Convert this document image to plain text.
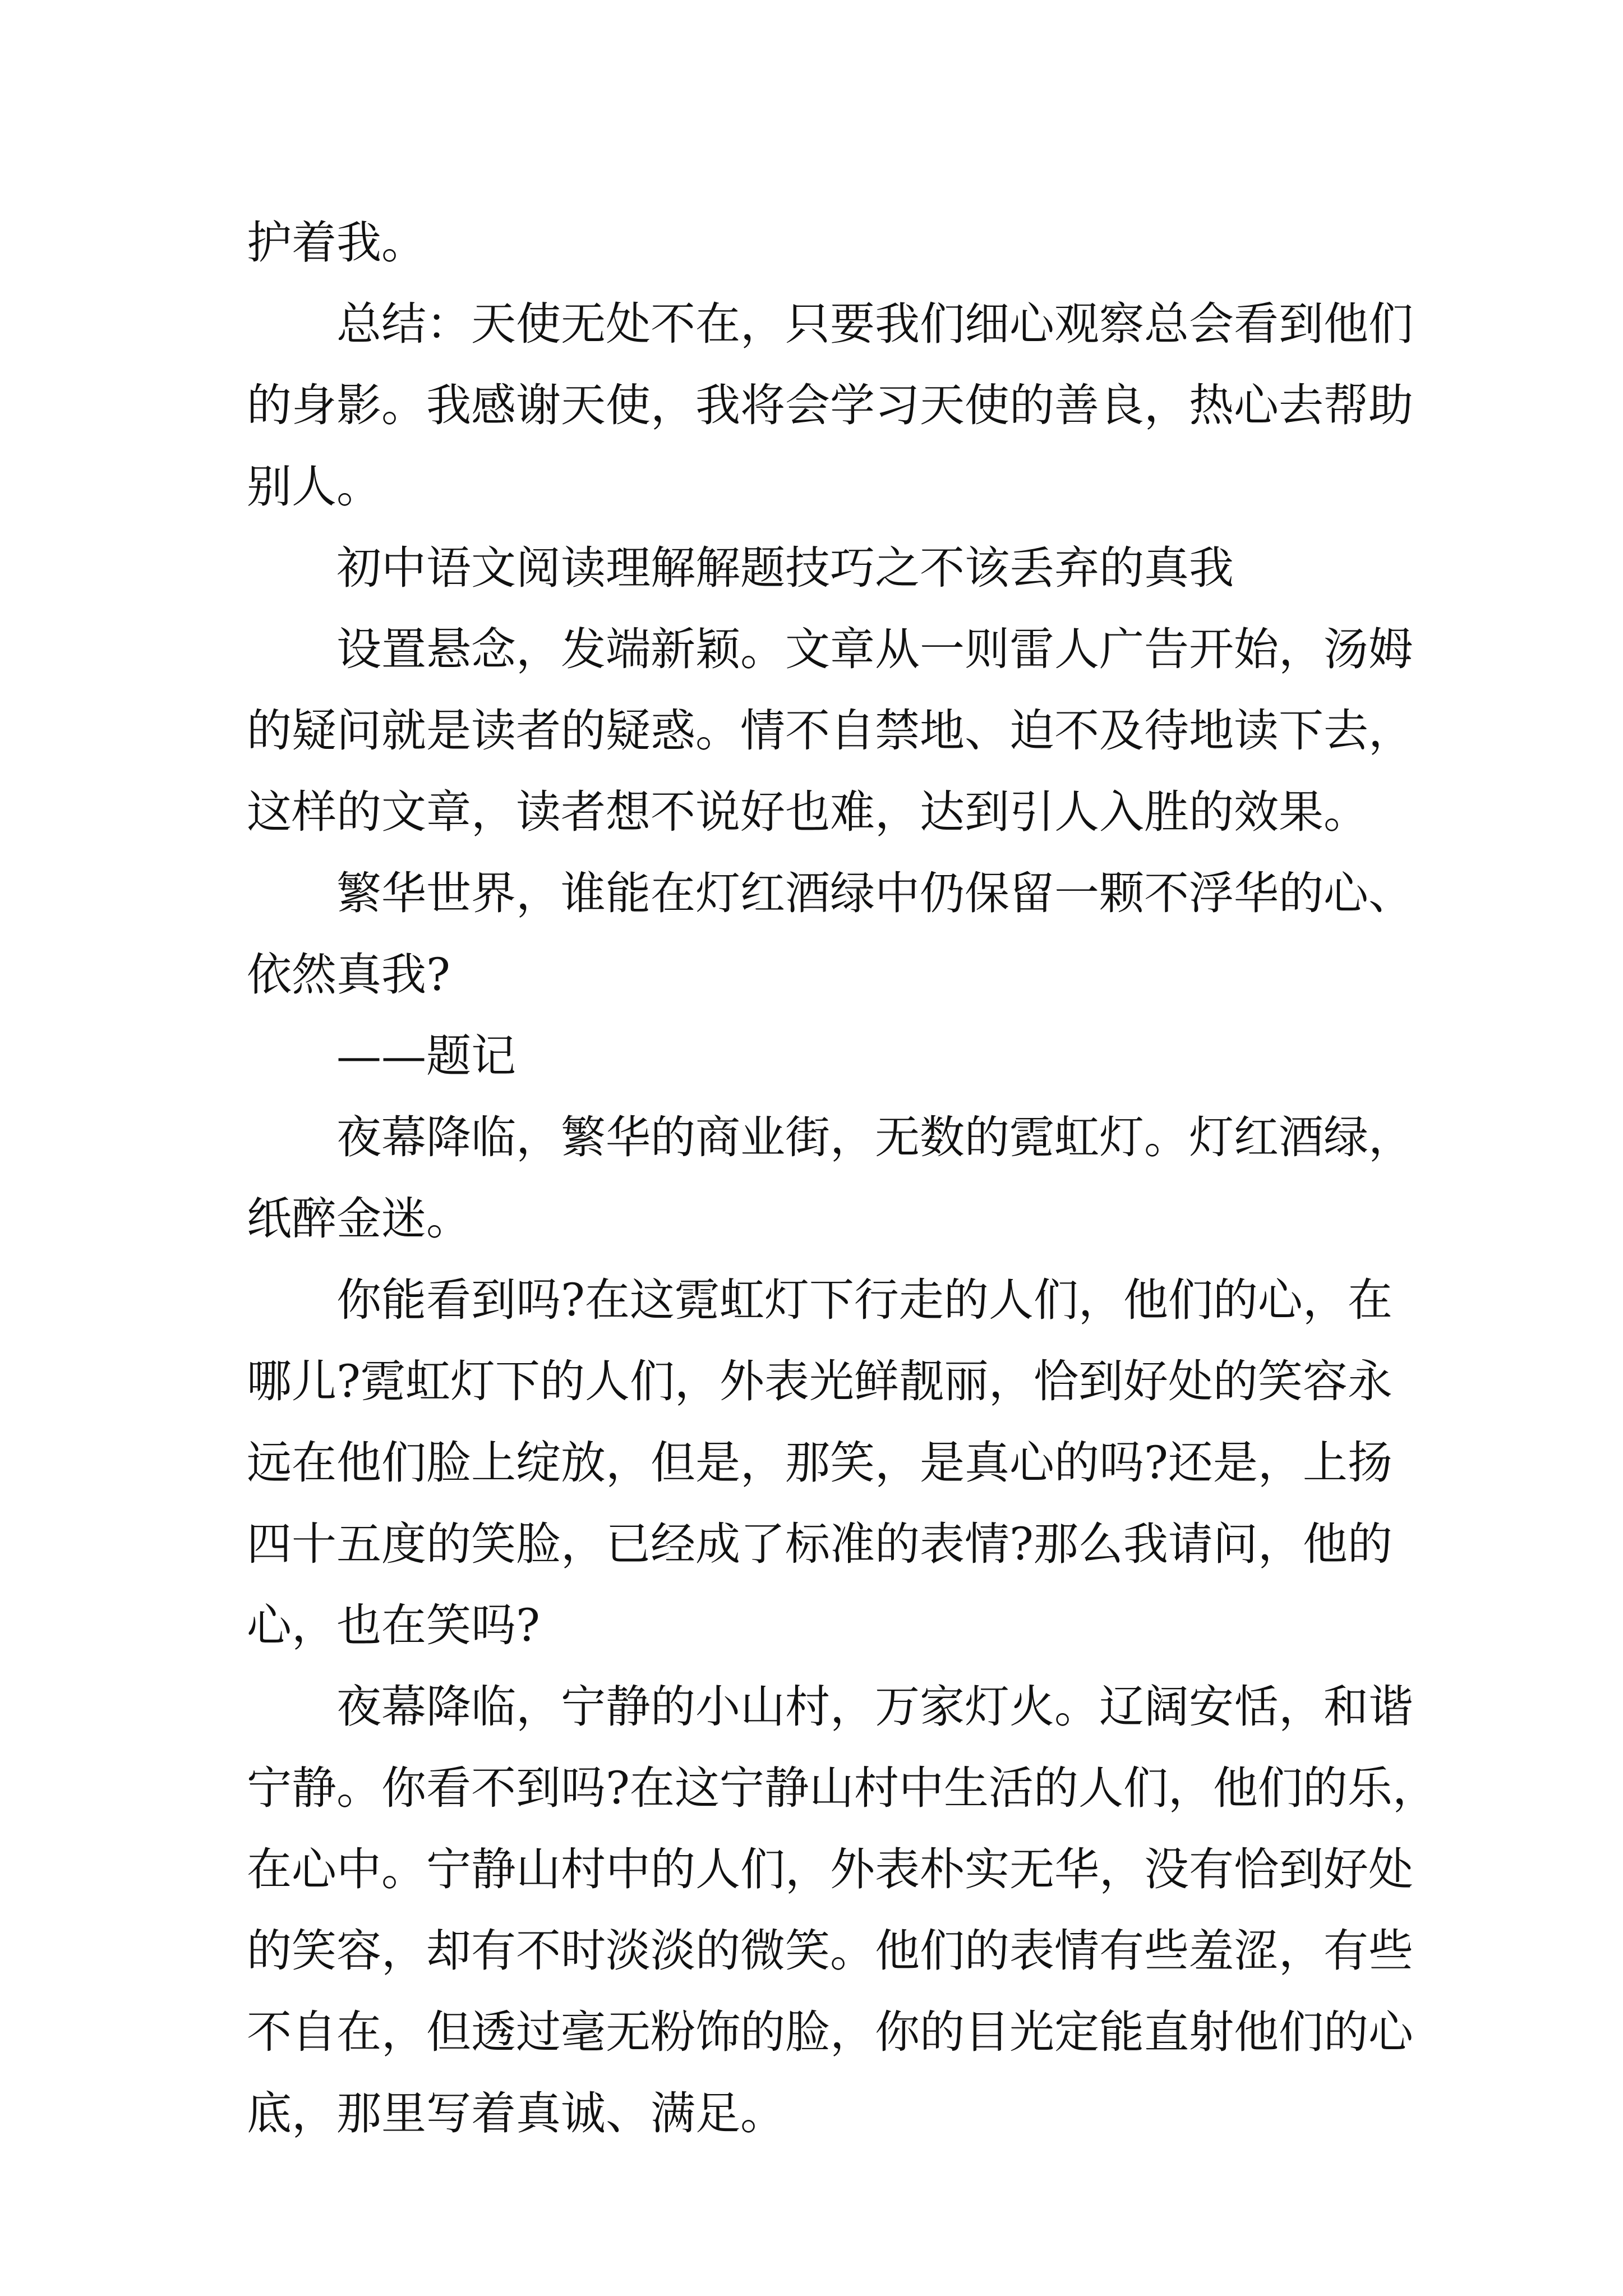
护着我。
总结：天使无处不在，只要我们细心观察总会看到他们
的身影。我感谢天使，我将会学习天使的善良，热心去帮助
别人。
初中语文阅读理解解题技巧之不该丢弃的真我
设置悬念，发端新颖。文章从一则雷人广告开始，汤姆
的疑问就是读者的疑惑。情不自禁地、迫不及待地读下去，
这样的文章，读者想不说好也难，达到引人入胜的效果。
繁华世界，谁能在灯红酒绿中仍保留一颗不浮华的心、
依然真我?
——题记
夜幕降临，繁华的商业街，无数的霓虹灯。灯红酒绿，
纸醉金迷。
你能看到吗?在这霓虹灯下行走的人们，他们的心，在
哪儿?霓虹灯下的人们，外表光鲜靓丽，恰到好处的笑容永
远在他们脸上绽放，但是，那笑，是真心的吗?还是，上扬
四十五度的笑脸，已经成了标准的表情?那么我请问，他的
心，也在笑吗?
夜幕降临，宁静的小山村，万家灯火。辽阔安恬，和谐
宁静。你看不到吗?在这宁静山村中生活的人们，他们的乐，
在心中。宁静山村中的人们，外表朴实无华，没有恰到好处
的笑容，却有不时淡淡的微笑。他们的表情有些羞涩，有些
不自在，但透过毫无粉饰的脸，你的目光定能直射他们的心
底，那里写着真诚、满足。
